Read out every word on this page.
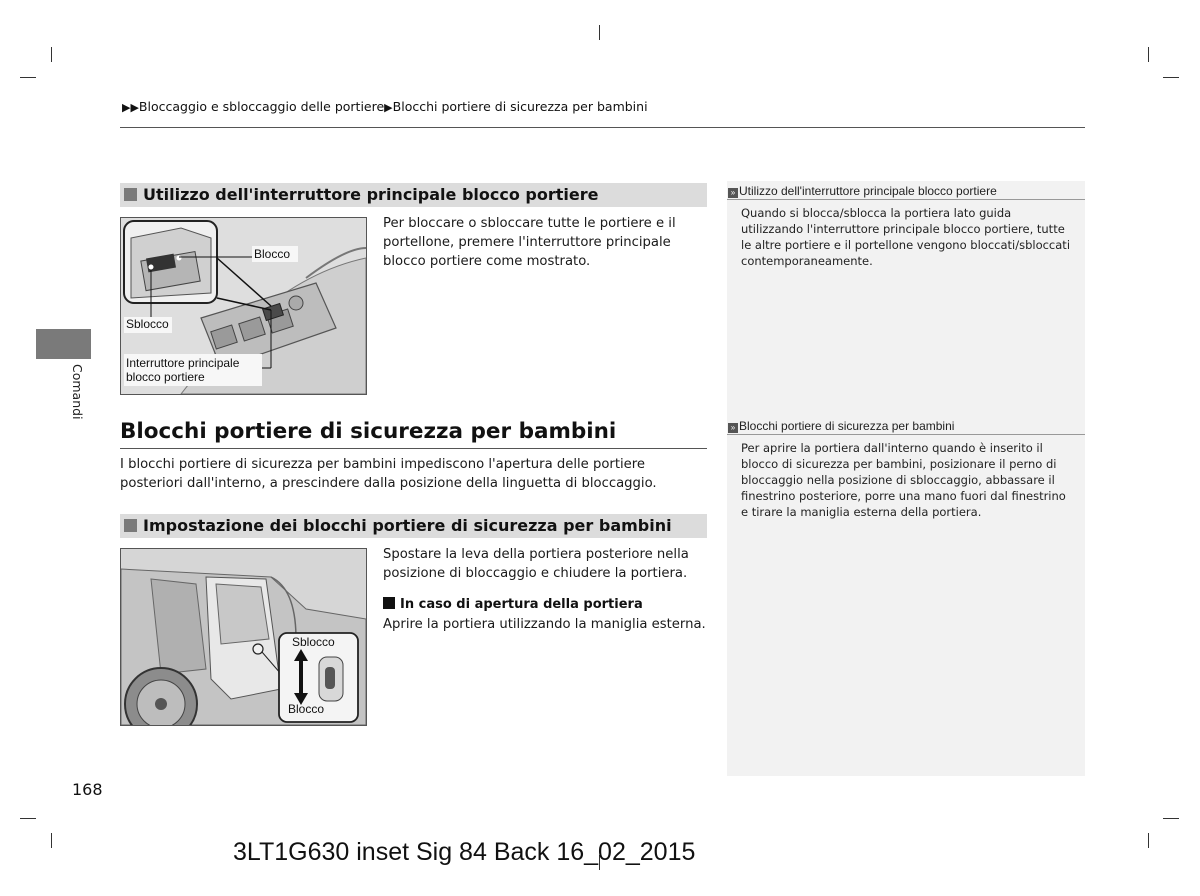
▶▶Bloccaggio e sbloccaggio delle portiere▶Blocchi portiere di sicurezza per bambini
Comandi
» Utilizzo dell'interruttore principale blocco portiere
Quando si blocca/sblocca la portiera lato guida utilizzando l'interruttore principale blocco portiere, tutte le altre portiere e il portellone vengono bloccati/sbloccati contemporaneamente.
» Blocchi portiere di sicurezza per bambini
Per aprire la portiera dall'interno quando è inserito il blocco di sicurezza per bambini, posizionare il perno di bloccaggio nella posizione di sbloccaggio, abbassare il finestrino posteriore, porre una mano fuori dal finestrino e tirare la maniglia esterna della portiera.
Utilizzo dell'interruttore principale blocco portiere
Blocco
Sblocco
Interruttore principale blocco portiere
Per bloccare o sbloccare tutte le portiere e il portellone, premere l'interruttore principale blocco portiere come mostrato.
Blocchi portiere di sicurezza per bambini
I blocchi portiere di sicurezza per bambini impediscono l'apertura delle portiere posteriori dall'interno, a prescindere dalla posizione della linguetta di bloccaggio.
Impostazione dei blocchi portiere di sicurezza per bambini
Sblocco
Blocco
Spostare la leva della portiera posteriore nella posizione di bloccaggio e chiudere la portiera.
In caso di apertura della portiera
Aprire la portiera utilizzando la maniglia esterna.
168
3LT1G630 inset Sig 84 Back 16_02_2015
